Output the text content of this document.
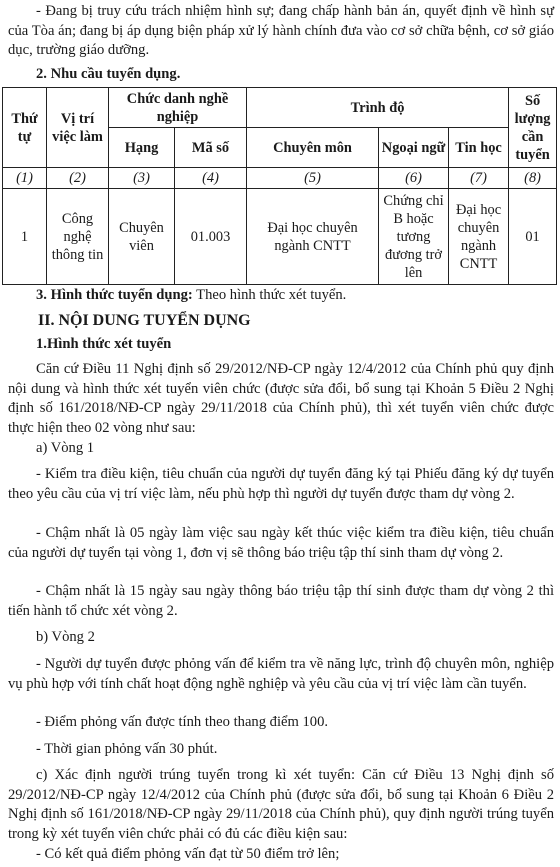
- Đang bị truy cứu trách nhiệm hình sự; đang chấp hành bản án, quyết định về hình sự của Tòa án; đang bị áp dụng biện pháp xử lý hành chính đưa vào cơ sở chữa bệnh, cơ sở giáo dục, trường giáo dưỡng.

2. Nhu cầu tuyển dụng.

Thứ tự	Vị trí việc làm	Chức danh nghề nghiệp		Trình độ			Số lượng cần tuyển
		Hạng	Mã số	Chuyên môn	Ngoại ngữ	Tin học	
(1)	(2)	(3)	(4)	(5)	(6)	(7)	(8)
1	Công nghệ thông tin	Chuyên viên	01.003	Đại học chuyên ngành CNTT	Chứng chỉ B hoặc tương đương trở lên	Đại học chuyên ngành CNTT	01

3. Hình thức tuyển dụng: Theo hình thức xét tuyển.

II. NỘI DUNG TUYỂN DỤNG

1.Hình thức xét tuyển

Căn cứ Điều 11 Nghị định số 29/2012/NĐ-CP ngày 12/4/2012 của Chính phủ quy định nội dung và hình thức xét tuyển viên chức (được sửa đổi, bổ sung tại Khoản 5 Điều 2 Nghị định số 161/2018/NĐ-CP ngày 29/11/2018 của Chính phủ), thì xét tuyển viên chức được thực hiện theo 02 vòng như sau:

a) Vòng 1

- Kiểm tra điều kiện, tiêu chuẩn của người dự tuyển đăng ký tại Phiếu đăng ký dự tuyển theo yêu cầu của vị trí việc làm, nếu phù hợp thì người dự tuyển được tham dự vòng 2.

- Chậm nhất là 05 ngày làm việc sau ngày kết thúc việc kiểm tra điều kiện, tiêu chuẩn của người dự tuyển tại vòng 1, đơn vị sẽ thông báo triệu tập thí sinh tham dự vòng 2.

- Chậm nhất là 15 ngày sau ngày thông báo triệu tập thí sinh được tham dự vòng 2 thì tiến hành tổ chức xét vòng 2.

b) Vòng 2

- Người dự tuyển được phỏng vấn để kiểm tra về năng lực, trình độ chuyên môn, nghiệp vụ phù hợp với tính chất hoạt động nghề nghiệp và yêu cầu của vị trí việc làm cần tuyển.

- Điểm phỏng vấn được tính theo thang điểm 100.

- Thời gian phỏng vấn 30 phút.

c) Xác định người trúng tuyển trong kì xét tuyển: Căn cứ Điều 13 Nghị định số 29/2012/NĐ-CP ngày 12/4/2012 của Chính phủ (được sửa đổi, bổ sung tại Khoản 6 Điều 2 Nghị định số 161/2018/NĐ-CP ngày 29/11/2018 của Chính phủ), quy định người trúng tuyển trong kỳ xét tuyển viên chức phải có đủ các điều kiện sau:

- Có kết quả điểm phỏng vấn đạt từ 50 điểm trở lên;
